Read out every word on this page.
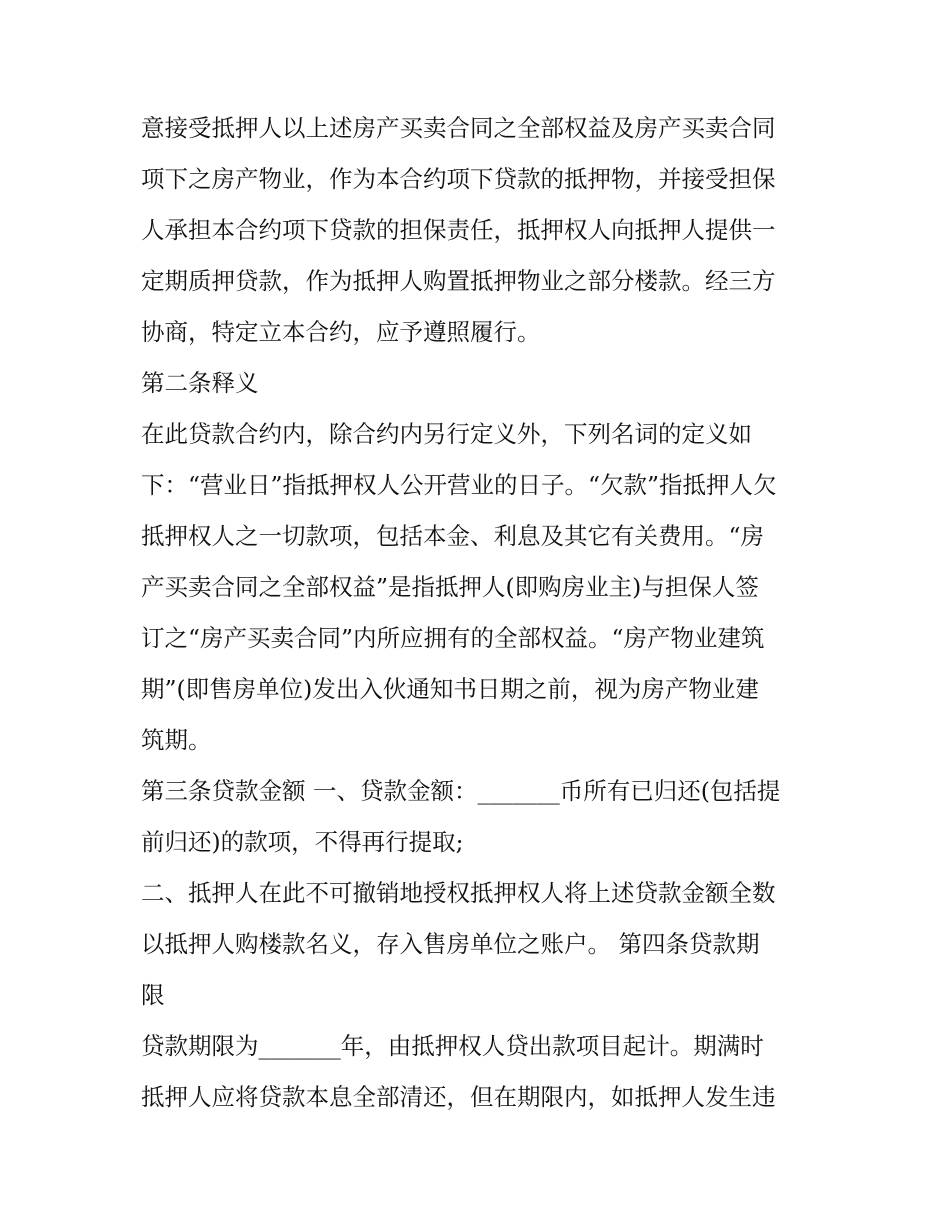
意接受抵押人以上述房产买卖合同之全部权益及房产买卖合同
项下之房产物业，作为本合约项下贷款的抵押物，并接受担保
人承担本合约项下贷款的担保责任，抵押权人向抵押人提供一
定期质押贷款，作为抵押人购置抵押物业之部分楼款。经三方
协商，特定立本合约，应予遵照履行。
第二条释义
在此贷款合约内，除合约内另行定义外，下列名词的定义如
下：“营业日”指抵押权人公开营业的日子。“欠款”指抵押人欠
抵押权人之一切款项，包括本金、利息及其它有关费用。“房
产买卖合同之全部权益”是指抵押人(即购房业主)与担保人签
订之“房产买卖合同”内所应拥有的全部权益。“房产物业建筑
期”(即售房单位)发出入伙通知书日期之前，视为房产物业建
筑期。
第三条贷款金额 一、贷款金额：_______币所有已归还(包括提
前归还)的款项，不得再行提取;
二、抵押人在此不可撤销地授权抵押权人将上述贷款金额全数
以抵押人购楼款名义，存入售房单位之账户。 第四条贷款期
限
贷款期限为_______年，由抵押权人贷出款项目起计。期满时
抵押人应将贷款本息全部清还，但在期限内，如抵押人发生违
